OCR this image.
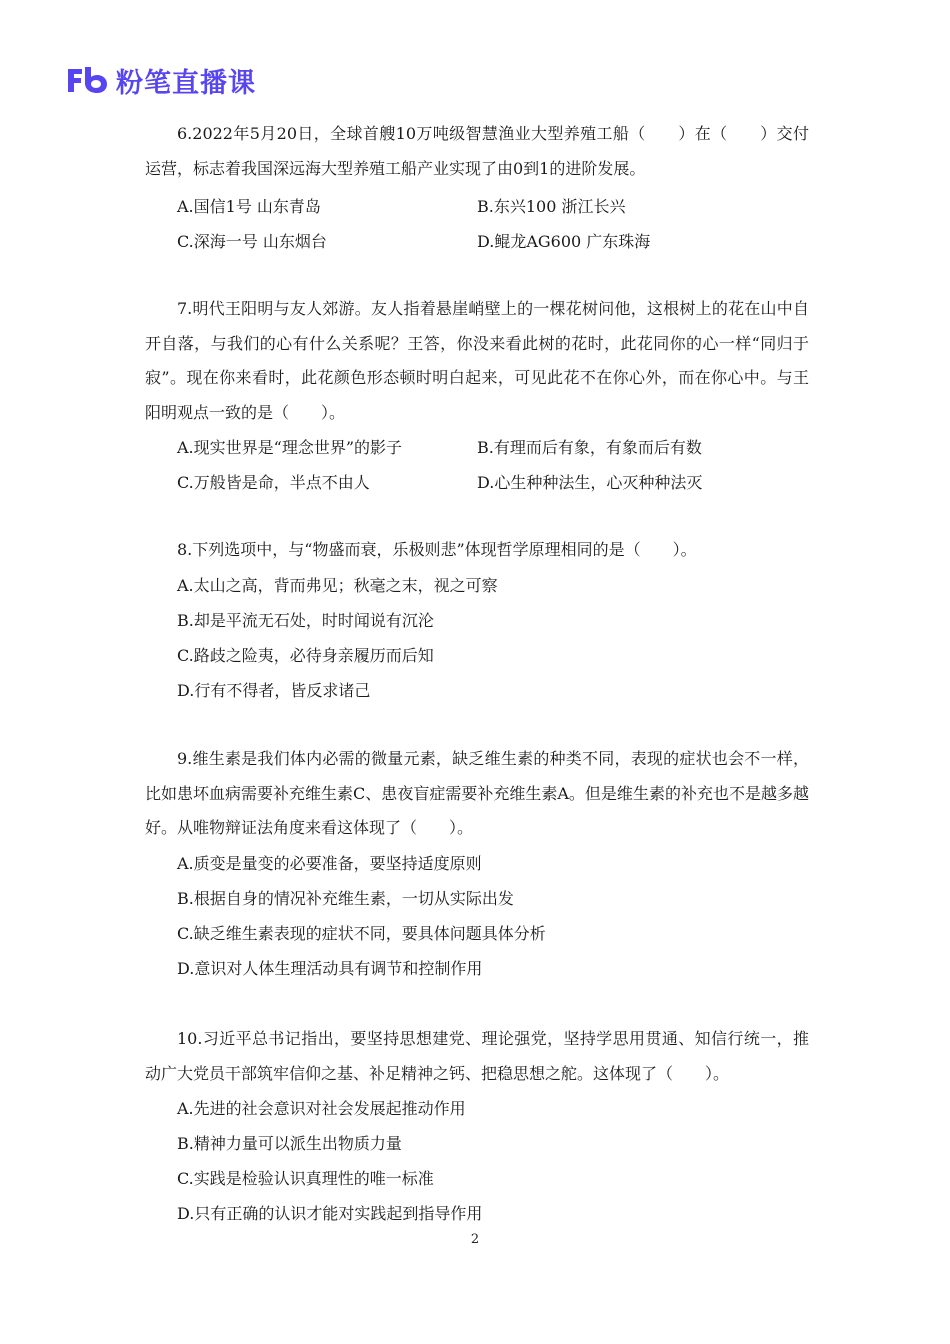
粉笔直播课
6.2022年5月20日，全球首艘10万吨级智慧渔业大型养殖工船（　　）在（　　）交付运营，标志着我国深远海大型养殖工船产业实现了由0到1的进阶发展。
A.国信1号 山东青岛	B.东兴100 浙江长兴
C.深海一号 山东烟台	D.鲲龙AG600 广东珠海
7.明代王阳明与友人郊游。友人指着悬崖峭壁上的一棵花树问他，这根树上的花在山中自开自落，与我们的心有什么关系呢？王答，你没来看此树的花时，此花同你的心一样“同归于寂”。现在你来看时，此花颜色形态顿时明白起来，可见此花不在你心外，而在你心中。与王阳明观点一致的是（　　）。
A.现实世界是“理念世界”的影子	B.有理而后有象，有象而后有数
C.万般皆是命，半点不由人	D.心生种种法生，心灭种种法灭
8.下列选项中，与“物盛而衰，乐极则悲”体现哲学原理相同的是（　　）。
A.太山之高，背而弗见；秋毫之末，视之可察
B.却是平流无石处，时时闻说有沉沦
C.路歧之险夷，必待身亲履历而后知
D.行有不得者，皆反求诸己
9.维生素是我们体内必需的微量元素，缺乏维生素的种类不同，表现的症状也会不一样，比如患坏血病需要补充维生素C、患夜盲症需要补充维生素A。但是维生素的补充也不是越多越好。从唯物辩证法角度来看这体现了（　　）。
A.质变是量变的必要准备，要坚持适度原则
B.根据自身的情况补充维生素，一切从实际出发
C.缺乏维生素表现的症状不同，要具体问题具体分析
D.意识对人体生理活动具有调节和控制作用
10.习近平总书记指出，要坚持思想建党、理论强党，坚持学思用贯通、知信行统一，推动广大党员干部筑牢信仰之基、补足精神之钙、把稳思想之舵。这体现了（　　）。
A.先进的社会意识对社会发展起推动作用
B.精神力量可以派生出物质力量
C.实践是检验认识真理性的唯一标准
D.只有正确的认识才能对实践起到指导作用
2
